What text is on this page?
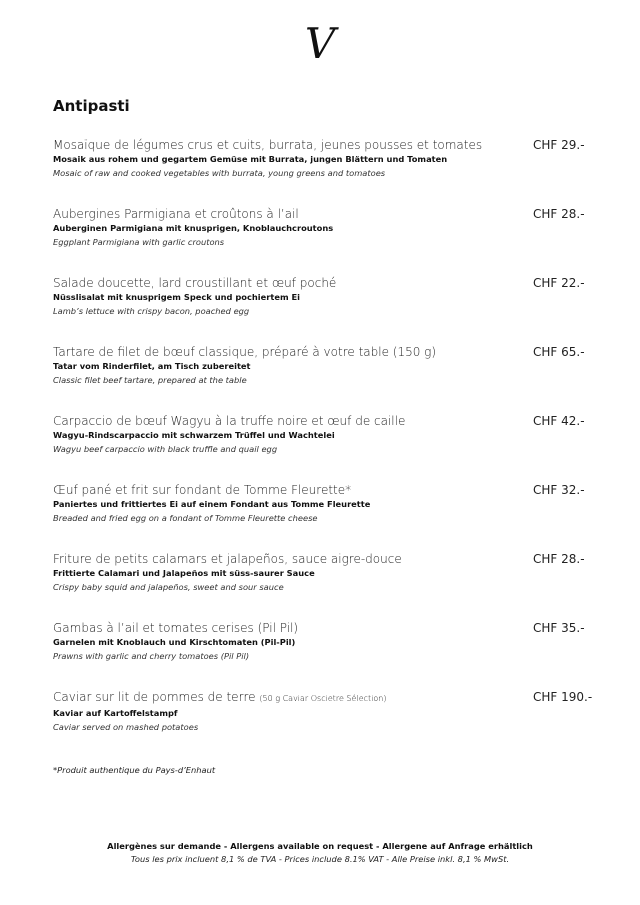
V
Antipasti
Mosaïque de légumes crus et cuits, burrata, jeunes pousses et tomates
Mosaik aus rohem und gegartem Gemüse mit Burrata, jungen Blättern und Tomaten
Mosaic of raw and cooked vegetables with burrata, young greens and tomatoes
CHF 29.-
Aubergines Parmigiana et croûtons à l’ail
Auberginen Parmigiana mit knusprigen, Knoblauchcroutons
Eggplant Parmigiana with garlic croutons
CHF 28.-
Salade doucette, lard croustillant et œuf poché
Nüsslisalat mit knusprigem Speck und pochiertem Ei
Lamb’s lettuce with crispy bacon, poached egg
CHF 22.-
Tartare de filet de bœuf classique, préparé à votre table (150 g)
Tatar vom Rinderfilet, am Tisch zubereitet
Classic filet beef tartare, prepared at the table
CHF 65.-
Carpaccio de bœuf Wagyu à la truffe noire et œuf de caille
Wagyu-Rindscarpaccio mit schwarzem Trüffel und Wachtelei
Wagyu beef carpaccio with black truffle and quail egg
CHF 42.-
Œuf pané et frit sur fondant de Tomme Fleurette*
Paniertes und frittiertes Ei auf einem Fondant aus Tomme Fleurette
Breaded and fried egg on a fondant of Tomme Fleurette cheese
CHF 32.-
Friture de petits calamars et jalapeños, sauce aigre-douce
Frittierte Calamari und Jalapeños mit süss-saurer Sauce
Crispy baby squid and jalapeños, sweet and sour sauce
CHF 28.-
Gambas à l’ail et tomates cerises (Pil Pil)
Garnelen mit Knoblauch und Kirschtomaten (Pil-Pil)
Prawns with garlic and cherry tomatoes (Pil Pil)
CHF 35.-
Caviar sur lit de pommes de terre (50 g Caviar Oscietre Sélection)
Kaviar auf Kartoffelstampf
Caviar served on mashed potatoes
CHF 190.-
*Produit authentique du Pays-d’Enhaut
Allergènes sur demande - Allergens available on request - Allergene auf Anfrage erhältlich
Tous les prix incluent 8,1 % de TVA - Prices include 8.1% VAT - Alle Preise inkl. 8,1 % MwSt.
